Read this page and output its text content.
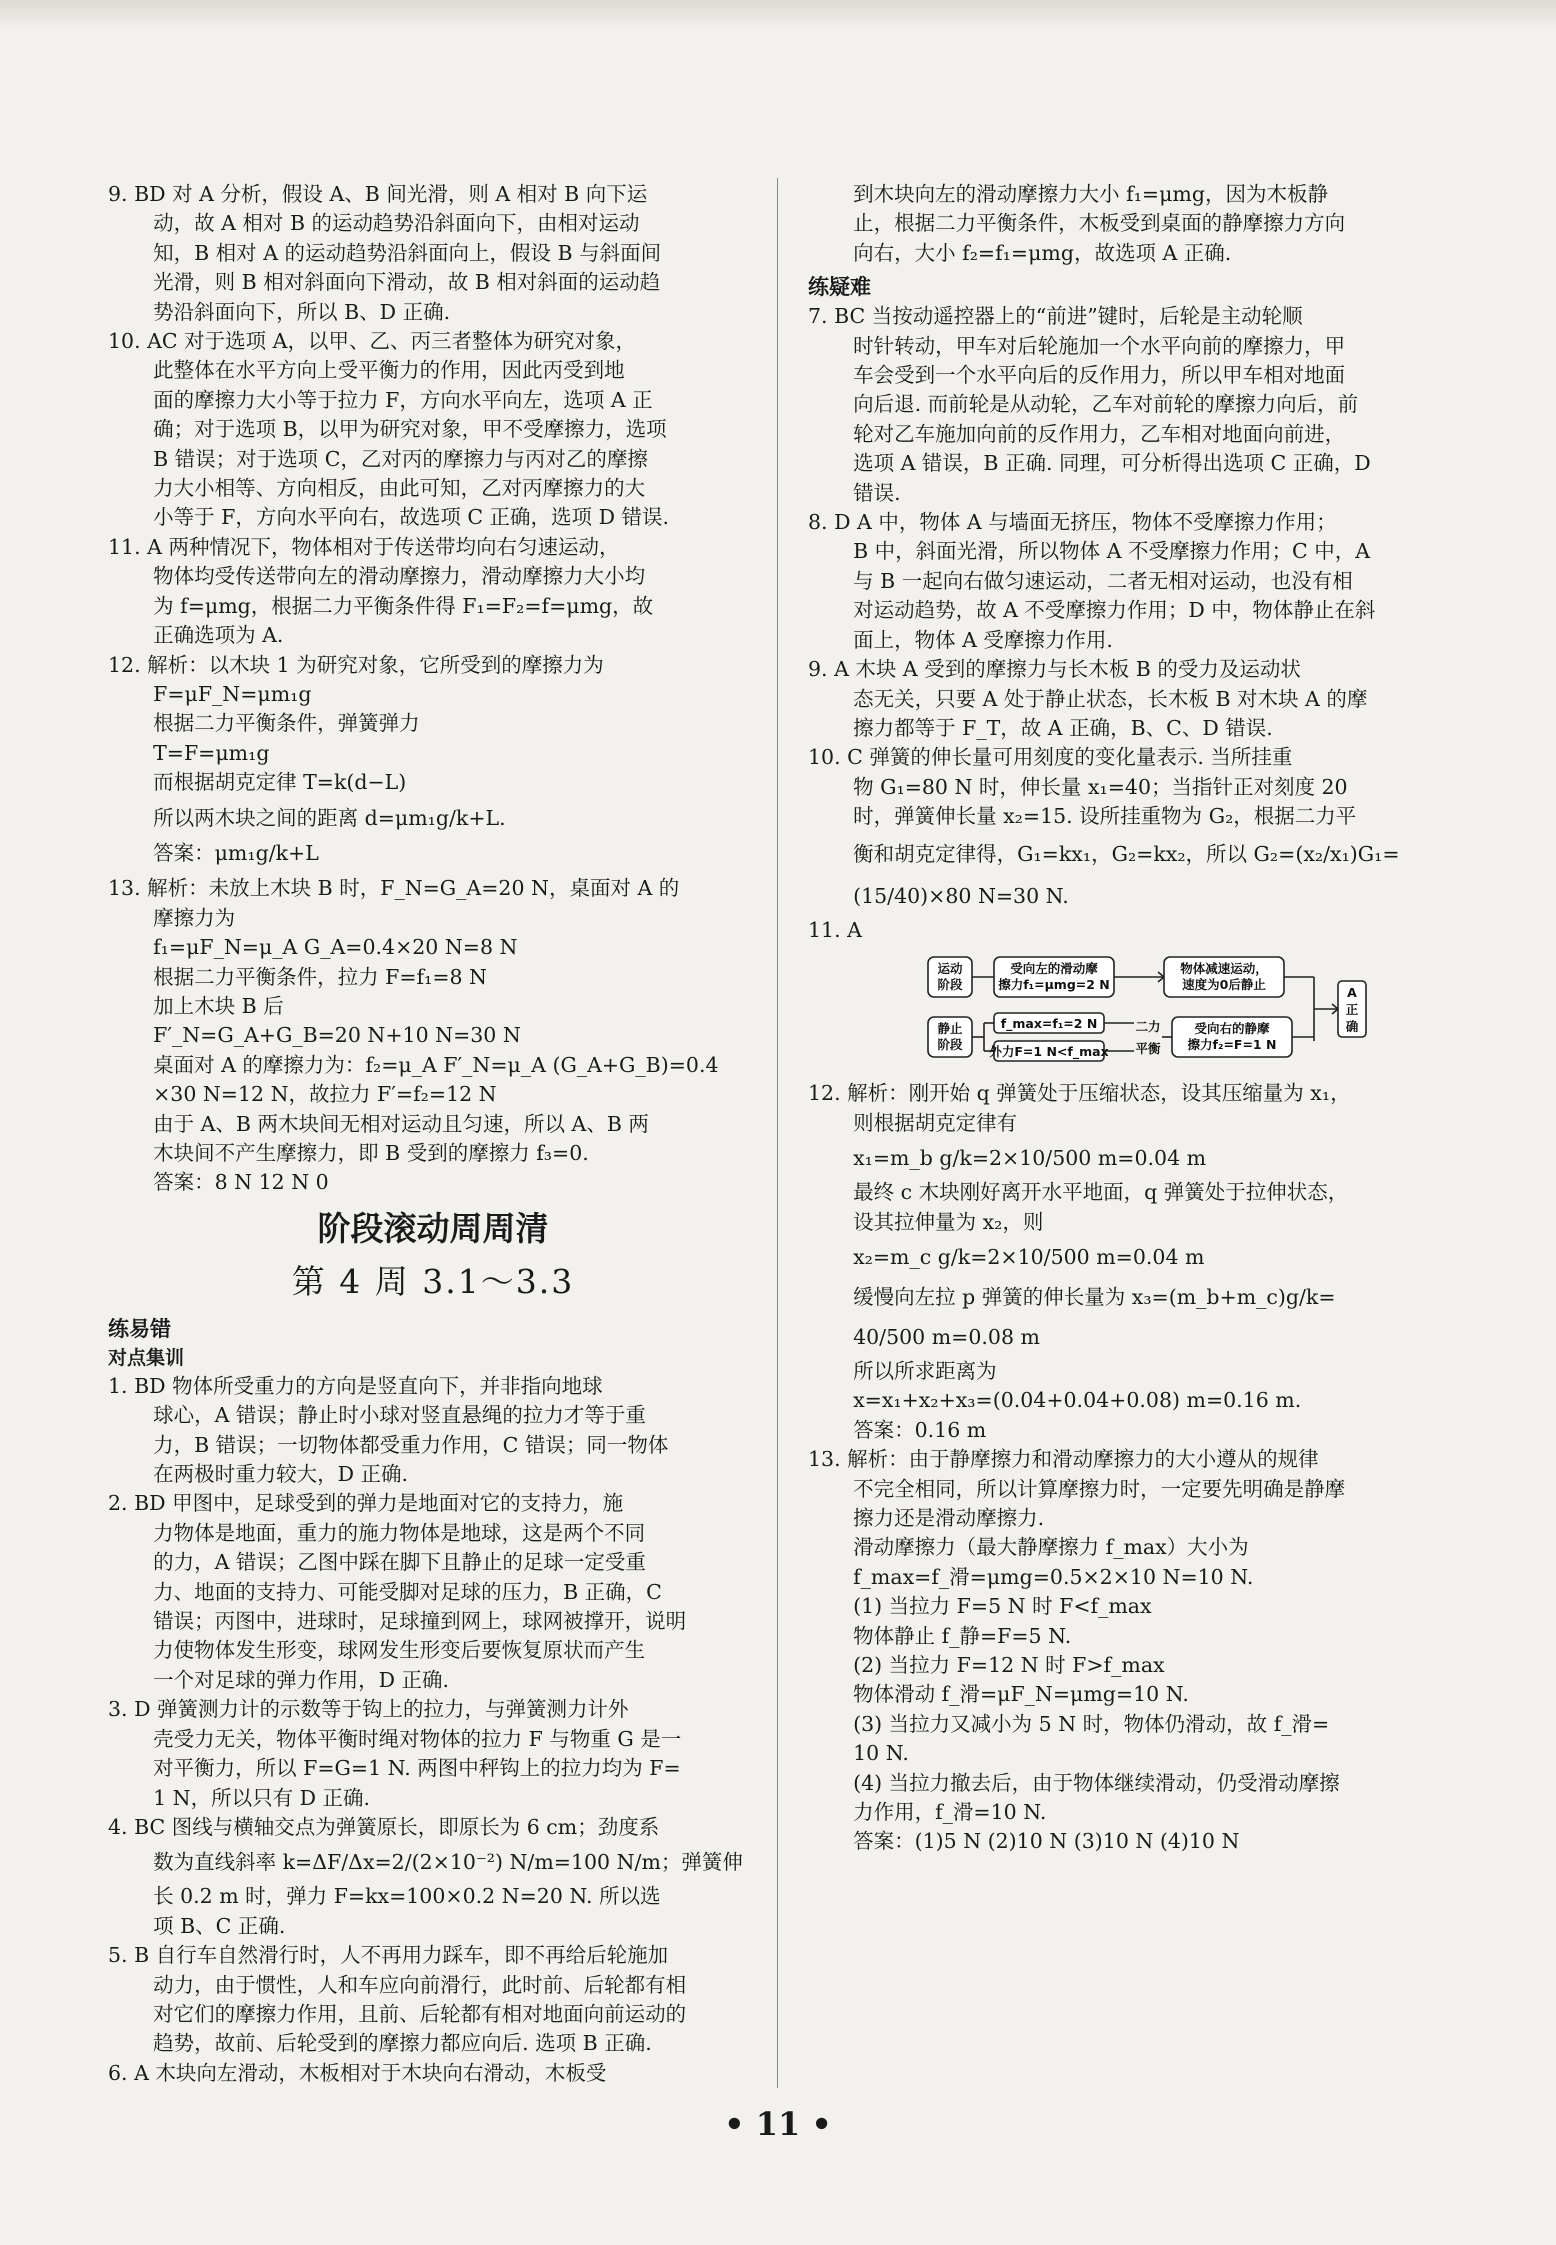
9. BD 对 A 分析，假设 A、B 间光滑，则 A 相对 B 向下运

动，故 A 相对 B 的运动趋势沿斜面向下，由相对运动

知，B 相对 A 的运动趋势沿斜面向上，假设 B 与斜面间

光滑，则 B 相对斜面向下滑动，故 B 相对斜面的运动趋

势沿斜面向下，所以 B、D 正确.

10. AC 对于选项 A，以甲、乙、丙三者整体为研究对象，

此整体在水平方向上受平衡力的作用，因此丙受到地

面的摩擦力大小等于拉力 F，方向水平向左，选项 A 正

确；对于选项 B，以甲为研究对象，甲不受摩擦力，选项

B 错误；对于选项 C，乙对丙的摩擦力与丙对乙的摩擦

力大小相等、方向相反，由此可知，乙对丙摩擦力的大

小等于 F，方向水平向右，故选项 C 正确，选项 D 错误.

11. A 两种情况下，物体相对于传送带均向右匀速运动，

物体均受传送带向左的滑动摩擦力，滑动摩擦力大小均

为 f=μmg，根据二力平衡条件得 F₁=F₂=f=μmg，故

正确选项为 A.

12. 解析：以木块 1 为研究对象，它所受到的摩擦力为

F=μF_N=μm₁g

根据二力平衡条件，弹簧弹力

T=F=μm₁g

而根据胡克定律 T=k(d−L)

所以两木块之间的距离 d=μm₁g/k+L.

答案：μm₁g/k+L

13. 解析：未放上木块 B 时，F_N=G_A=20 N，桌面对 A 的

摩擦力为

f₁=μF_N=μ_A G_A=0.4×20 N=8 N

根据二力平衡条件，拉力 F=f₁=8 N

加上木块 B 后

F′_N=G_A+G_B=20 N+10 N=30 N

桌面对 A 的摩擦力为：f₂=μ_A F′_N=μ_A (G_A+G_B)=0.4

×30 N=12 N，故拉力 F′=f₂=12 N

由于 A、B 两木块间无相对运动且匀速，所以 A、B 两

木块间不产生摩擦力，即 B 受到的摩擦力 f₃=0.

答案：8 N 12 N 0

阶段滚动周周清

第 4 周 3.1～3.3

练易错

对点集训

1. BD 物体所受重力的方向是竖直向下，并非指向地球

球心，A 错误；静止时小球对竖直悬绳的拉力才等于重

力，B 错误；一切物体都受重力作用，C 错误；同一物体

在两极时重力较大，D 正确.

2. BD 甲图中，足球受到的弹力是地面对它的支持力，施

力物体是地面，重力的施力物体是地球，这是两个不同

的力，A 错误；乙图中踩在脚下且静止的足球一定受重

力、地面的支持力、可能受脚对足球的压力，B 正确，C

错误；丙图中，进球时，足球撞到网上，球网被撑开，说明

力使物体发生形变，球网发生形变后要恢复原状而产生

一个对足球的弹力作用，D 正确.

3. D 弹簧测力计的示数等于钩上的拉力，与弹簧测力计外

壳受力无关，物体平衡时绳对物体的拉力 F 与物重 G 是一

对平衡力，所以 F=G=1 N. 两图中秤钩上的拉力均为 F=

1 N，所以只有 D 正确.

4. BC 图线与横轴交点为弹簧原长，即原长为 6 cm；劲度系

数为直线斜率 k=ΔF/Δx=2/(2×10⁻²) N/m=100 N/m；弹簧伸

长 0.2 m 时，弹力 F=kx=100×0.2 N=20 N. 所以选

项 B、C 正确.

5. B 自行车自然滑行时，人不再用力踩车，即不再给后轮施加

动力，由于惯性，人和车应向前滑行，此时前、后轮都有相

对它们的摩擦力作用，且前、后轮都有相对地面向前运动的

趋势，故前、后轮受到的摩擦力都应向后. 选项 B 正确.

6. A 木块向左滑动，木板相对于木块向右滑动，木板受

到木块向左的滑动摩擦力大小 f₁=μmg，因为木板静

止，根据二力平衡条件，木板受到桌面的静摩擦力方向

向右，大小 f₂=f₁=μmg，故选项 A 正确.

练疑难

7. BC 当按动遥控器上的“前进”键时，后轮是主动轮顺

时针转动，甲车对后轮施加一个水平向前的摩擦力，甲

车会受到一个水平向后的反作用力，所以甲车相对地面

向后退. 而前轮是从动轮，乙车对前轮的摩擦力向后，前

轮对乙车施加向前的反作用力，乙车相对地面向前进，

选项 A 错误，B 正确. 同理，可分析得出选项 C 正确，D

错误.

8. D A 中，物体 A 与墙面无挤压，物体不受摩擦力作用；

B 中，斜面光滑，所以物体 A 不受摩擦力作用；C 中，A

与 B 一起向右做匀速运动，二者无相对运动，也没有相

对运动趋势，故 A 不受摩擦力作用；D 中，物体静止在斜

面上，物体 A 受摩擦力作用.

9. A 木块 A 受到的摩擦力与长木板 B 的受力及运动状

态无关，只要 A 处于静止状态，长木板 B 对木块 A 的摩

擦力都等于 F_T，故 A 正确，B、C、D 错误.

10. C 弹簧的伸长量可用刻度的变化量表示. 当所挂重

物 G₁=80 N 时，伸长量 x₁=40；当指针正对刻度 20

时，弹簧伸长量 x₂=15. 设所挂重物为 G₂，根据二力平

衡和胡克定律得，G₁=kx₁，G₂=kx₂，所以 G₂=(x₂/x₁)G₁=

(15/40)×80 N=30 N.

11. A

运动
阶段
受向左的滑动摩
擦力f₁=μmg=2 N
物体减速运动，
速度为0后静止
A
正
确
静止
阶段
f_max=f₁=2 N
外力F=1 N<f_max
二力
平衡
受向右的静摩
擦力f₂=F=1 N

12. 解析：刚开始 q 弹簧处于压缩状态，设其压缩量为 x₁，

则根据胡克定律有

x₁=m_b g/k=2×10/500 m=0.04 m

最终 c 木块刚好离开水平地面，q 弹簧处于拉伸状态，

设其拉伸量为 x₂，则

x₂=m_c g/k=2×10/500 m=0.04 m

缓慢向左拉 p 弹簧的伸长量为 x₃=(m_b+m_c)g/k=

40/500 m=0.08 m

所以所求距离为

x=x₁+x₂+x₃=(0.04+0.04+0.08) m=0.16 m.

答案：0.16 m

13. 解析：由于静摩擦力和滑动摩擦力的大小遵从的规律

不完全相同，所以计算摩擦力时，一定要先明确是静摩

擦力还是滑动摩擦力.

滑动摩擦力（最大静摩擦力 f_max）大小为

f_max=f_滑=μmg=0.5×2×10 N=10 N.

(1) 当拉力 F=5 N 时 F<f_max

物体静止 f_静=F=5 N.

(2) 当拉力 F=12 N 时 F>f_max

物体滑动 f_滑=μF_N=μmg=10 N.

(3) 当拉力又减小为 5 N 时，物体仍滑动，故 f_滑=

10 N.

(4) 当拉力撤去后，由于物体继续滑动，仍受滑动摩擦

力作用，f_滑=10 N.

答案：(1)5 N (2)10 N (3)10 N (4)10 N

• 11 •
